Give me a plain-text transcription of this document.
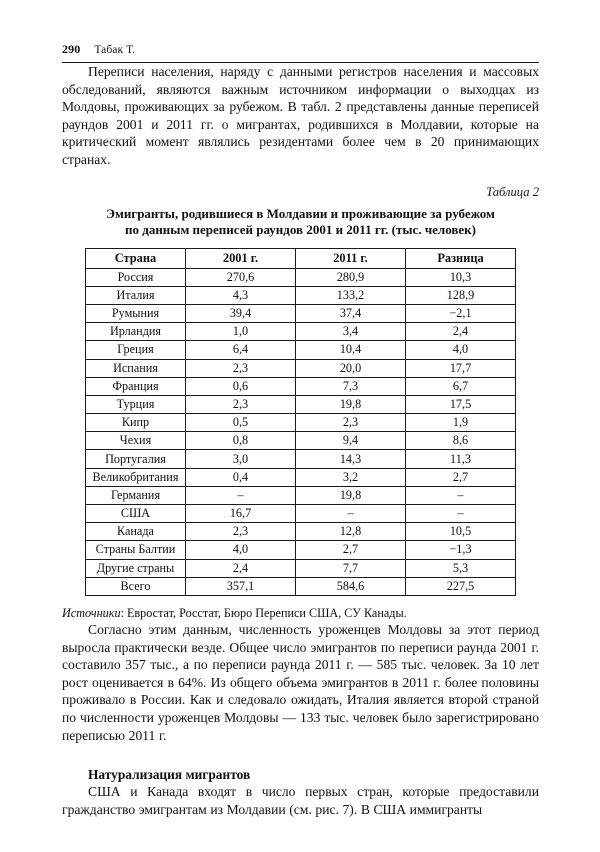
290 Табак Т.

Переписи населения, наряду с данными регистров населения и массовых обследований, являются важным источником информации о выходцах из Молдовы, проживающих за рубежом. В табл. 2 представлены данные переписей раундов 2001 и 2011 гг. о мигрантах, родившихся в Молдавии, которые на критический момент являлись резидентами более чем в 20 принимающих странах.

Таблица 2
Эмигранты, родившиеся в Молдавии и проживающие за рубежом
по данным переписей раундов 2001 и 2011 гг. (тыс. человек)
Страна	2001 г.	2011 г.	Разница
Россия	270,6	280,9	10,3
Италия	4,3	133,2	128,9
Румыния	39,4	37,4	−2,1
Ирландия	1,0	3,4	2,4
Греция	6,4	10,4	4,0
Испания	2,3	20,0	17,7
Франция	0,6	7,3	6,7
Турция	2,3	19,8	17,5
Кипр	0,5	2,3	1,9
Чехия	0,8	9,4	8,6
Португалия	3,0	14,3	11,3
Великобритания	0,4	3,2	2,7
Германия	–	19,8	–
США	16,7	–	–
Канада	2,3	12,8	10,5
Страны Балтии	4,0	2,7	−1,3
Другие страны	2,4	7,7	5,3
Всего	357,1	584,6	227,5
Источники: Евростат, Росстат, Бюро Переписи США, СУ Канады.

Согласно этим данным, численность уроженцев Молдовы за этот период выросла практически везде. Общее число эмигрантов по переписи раунда 2001 г. составило 357 тыс., а по переписи раунда 2011 г. — 585 тыс. человек. За 10 лет рост оценивается в 64%. Из общего объема эмигрантов в 2011 г. более половины проживало в России. Как и следовало ожидать, Италия является второй страной по численности уроженцев Молдовы — 133 тыс. человек было зарегистрировано переписью 2011 г.

Натурализация мигрантов

США и Канада входят в число первых стран, которые предоставили гражданство эмигрантам из Молдавии (см. рис. 7). В США иммигранты
